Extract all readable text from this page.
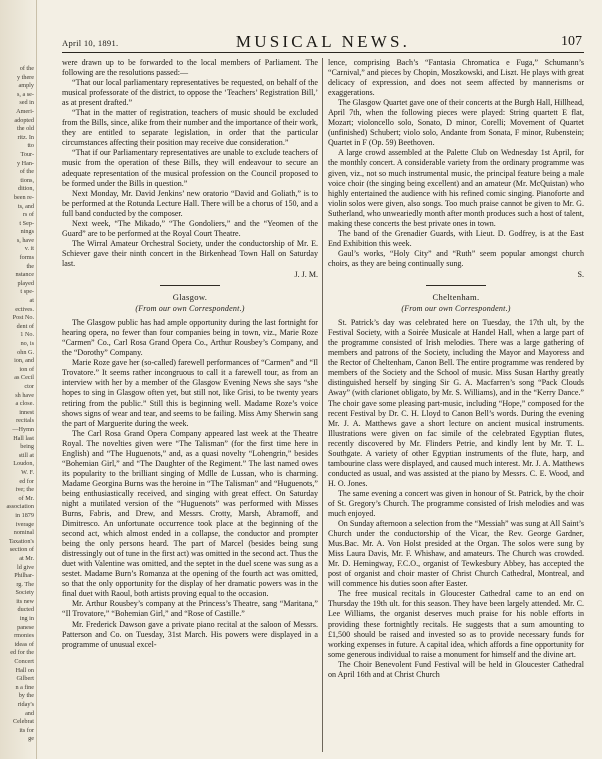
of the
y there
amply
s, a se-
sed in
Ameri-
adopted
the old
ritz. In
tto
Tour-
y Han-
of the
tions,
dition,
been re-
ts, and
rs of
t Sep-
nings
s, have
v. it
forms
the
nstance
played
t spe-
at
ectives.
Post No.
dent of
1 No.
no, is
ohn G.
ion, and
ion of
as Cecil
ctor
sh have
a close.
innest
recitals
—Hymn
Hall last
being
still at
Loudon,
W. F.
ed for
ive; the
of Mr.
association
in 1879
iverage
nominal
Taxation's
section of
at Mr.
ld give
Philhar-
rg. The
Society
its new
ducted
ing in
panese
rmonies
ideas of
ed for the
Concert
Hall on
Gilbert
n a fine
by the
riday's
and
Celebrat
its for
ge
April 10, 1891.	MUSICAL NEWS.	107

were drawn up to be forwarded to the local members of Parliament. The following are the resolutions passed:—

“That our local parliamentary representatives be requested, on behalf of the musical professorate of the district, to oppose the ‘Teachers’ Registration Bill,’ as at present drafted.”

“That in the matter of registration, teachers of music should be excluded from the Bills, since, alike from their number and the importance of their work, they are entitled to separate legislation, in order that the particular circumstances affecting their position may receive due consideration.”

“That if our Parliamentary representatives are unable to exclude teachers of music from the operation of these Bills, they will endeavour to secure an adequate representation of the musical profession on the Council proposed to be formed under the Bills in question.”

Next Monday, Mr. David Jenkins’ new oratorio “David and Goliath,” is to be performed at the Rotunda Lecture Hall. There will be a chorus of 150, and a full band conducted by the composer.

Next week, “The Mikado,” “The Gondoliers,” and the “Yeomen of the Guard” are to be performed at the Royal Court Theatre.

The Wirral Amateur Orchestral Society, under the conductorship of Mr. E. Schiever gave their ninth concert in the Birkenhead Town Hall on Saturday last.

J. J. M.

Glasgow.
(From our own Correspondent.)

The Glasgow public has had ample opportunity during the last fortnight for hearing opera, no fewer than four companies being in town, viz., Marie Roze “Carmen” Co., Carl Rosa Grand Opera Co., Arthur Rousbey’s Company, and the “Dorothy” Company.

Marie Roze gave her (so-called) farewell performances of “Carmen” and “Il Trovatore.” It seems rather incongruous to call it a farewell tour, as from an interview with her by a member of the Glasgow Evening News she says “she hopes to sing in Glasgow often yet, but still not, like Grisi, to be twenty years retiring from the public.” Still this is beginning well. Madame Roze’s voice shows signs of wear and tear, and seems to be failing. Miss Amy Sherwin sang the part of Marguerite during the week.

The Carl Rosa Grand Opera Company appeared last week at the Theatre Royal. The novelties given were “The Talisman” (for the first time here in English) and “The Huguenots,” and, as a quasi novelty “Lohengrin,” besides “Bohemian Girl,” and “The Daughter of the Regiment.” The last named owes its popularity to the brilliant singing of Mdlle de Lussan, who is charming. Madame Georgina Burns was the heroine in “The Talisman” and “Huguenots,” being enthusiastically received, and singing with great effect. On Saturday night a mutilated version of the “Huguenots” was performed with Misses Burns, Fabris, and Drew, and Messrs. Crotty, Marsh, Abramoff, and Dimitresco. An unfortunate occurrence took place at the beginning of the second act, which almost ended in a collapse, the conductor and prompter being the only persons heard. The part of Marcel (besides being sung distressingly out of tune in the first act) was omitted in the second act. Thus the duet with Valentine was omitted, and the septet in the duel scene was sung as a sestet. Madame Burn’s Romanza at the opening of the fourth act was omitted, so that the only opportunity for the display of her dramatic powers was in the final duet with Raoul, both artists proving equal to the occasion.

Mr. Arthur Rousbey’s company at the Princess’s Theatre, sang “Maritana,” “Il Trovatore,” “Bohemian Girl,” and “Rose of Castille.”

Mr. Frederick Dawson gave a private piano recital at the saloon of Messrs. Patterson and Co. on Tuesday, 31st March. His powers were displayed in a programme of unusual excel-

lence, comprising Bach’s “Fantasia Chromatica e Fuga,” Schumann’s “Carnival,” and pieces by Chopin, Moszkowski, and Liszt. He plays with great delicacy of expression, and does not seem affected by mannerisms or exaggerations.

The Glasgow Quartet gave one of their concerts at the Burgh Hall, Hillhead, April 7th, when the following pieces were played: String quartett E flat, Mozart; violoncello solo, Sonato, D minor, Corelli; Movement of Quartet (unfinished) Schubert; violo solo, Andante from Sonata, F minor, Rubenstein; Quartet in F (Op. 59) Beethoven.

A large crowd assembled at the Palette Club on Wednesday 1st April, for the monthly concert. A considerable variety from the ordinary programme was given, viz., not so much instrumental music, the principal feature being a male voice choir (the singing being excellent) and an amateur (Mr. McQuistan) who highly entertained the audience with his refined comic singing. Pianoforte and violin solos were given, also songs. Too much praise cannot be given to Mr. G. Sutherland, who unweariedly month after month produces such a host of talent, making these concerts the best private ones in town.

The band of the Grenadier Guards, with Lieut. D. Godfrey, is at the East End Exhibition this week.

Gaul’s works, “Holy City” and “Ruth” seem popular amongst church choirs, as they are being continually sung.

S.

Cheltenham.
(From our own Correspondent.)

St. Patrick’s day was celebrated here on Tuesday, the 17th ult, by the Festival Society, with a Soirée Musicale at Handel Hall, when a large part of the programme consisted of Irish melodies. There was a large gathering of members and patrons of the Society, including the Mayor and Mayoress and the Rector of Cheltenham, Canon Bell. The entire programme was rendered by members of the Society and the School of music. Miss Susan Harthy greatly distinguished herself by singing Sir G. A. Macfarren’s song “Pack Clouds Away” (with clarionet obligato, by Mr. S. Williams), and in the “Kerry Dance.” The choir gave some pleasing part-music, including “Hope,” composed for the recent Festival by Dr. C. H. Lloyd to Canon Bell’s words. During the evening Mr. J. A. Matthews gave a short lecture on ancient musical instruments. Illustrations were given on fac simile of the celebrated Egyptian flutes, recently discovered by Mr. Flinders Petrie, and kindly lent by Mr. T. L. Southgate. A variety of other Egyptian instruments of the flute, harp, and tambourine class were displayed, and caused much interest. Mr. J. A. Matthews conducted as usual, and was assisted at the piano by Messrs. C. E. Wood, and H. O. Jones.

The same evening a concert was given in honour of St. Patrick, by the choir of St. Gregory’s Church. The programme consisted of Irish melodies and was much enjoyed.

On Sunday afternoon a selection from the “Messiah” was sung at All Saint’s Church under the conductorship of the Vicar, the Rev. George Gardner, Mus.Bac. Mr. A. Von Holst presided at the Organ. The solos were sung by Miss Laura Davis, Mr. F. Whishaw, and amateurs. The Church was crowded. Mr. D. Hemingway, F.C.O., organist of Tewkesbury Abbey, has accepted the post of organist and choir master of Christ Church Cathedral, Montreal, and will commence his duties soon after Easter.

The free musical recitals in Gloucester Cathedral came to an end on Thursday the 19th ult. for this season. They have been largely attended. Mr. C. Lee Williams, the organist deserves much praise for his noble efforts in providing these fortnightly recitals. He suggests that a sum amounting to £1,500 should be raised and invested so as to provide necessary funds for working expenses in future. A capital idea, which affords a fine opportunity for some generous individual to raise a monument for himself and the divine art.

The Choir Benevolent Fund Festival will be held in Gloucester Cathedral on April 16th and at Christ Church
